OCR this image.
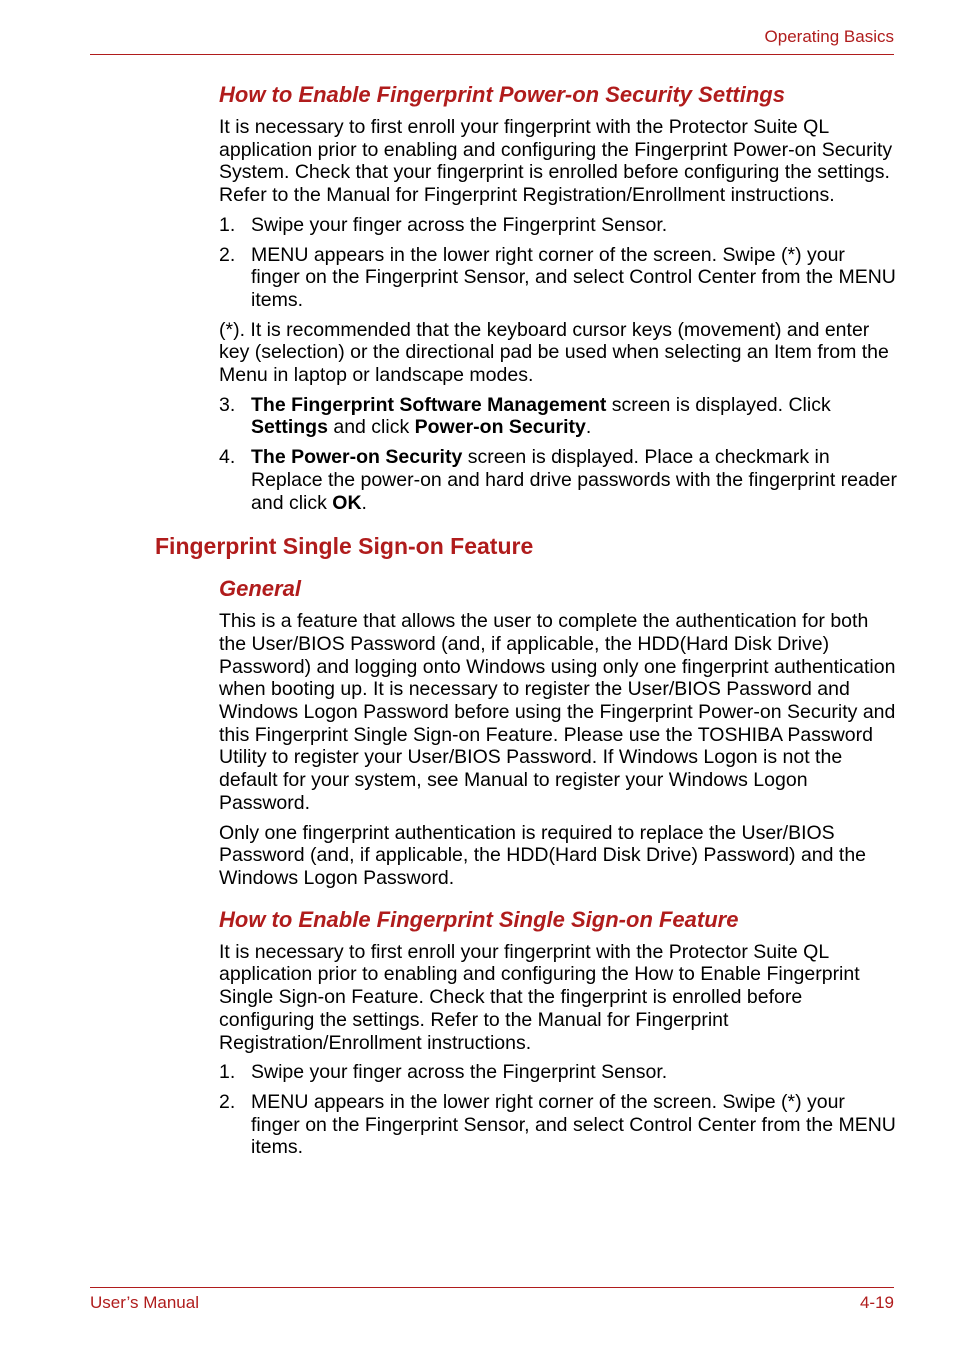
Operating Basics
How to Enable Fingerprint Power-on Security Settings

It is necessary to first enroll your fingerprint with the Protector Suite QL application prior to enabling and configuring the Fingerprint Power-on Security System. Check that your fingerprint is enrolled before configuring the settings. Refer to the Manual for Fingerprint Registration/Enrollment instructions.

1. Swipe your finger across the Fingerprint Sensor.
2. MENU appears in the lower right corner of the screen. Swipe (*) your finger on the Fingerprint Sensor, and select Control Center from the MENU items.

(*). It is recommended that the keyboard cursor keys (movement) and enter key (selection) or the directional pad be used when selecting an Item from the Menu in laptop or landscape modes.

3. The Fingerprint Software Management screen is displayed. Click Settings and click Power-on Security.
4. The Power-on Security screen is displayed. Place a checkmark in Replace the power-on and hard drive passwords with the fingerprint reader and click OK.
Fingerprint Single Sign-on Feature
General

This is a feature that allows the user to complete the authentication for both the User/BIOS Password (and, if applicable, the HDD(Hard Disk Drive) Password) and logging onto Windows using only one fingerprint authentication when booting up. It is necessary to register the User/BIOS Password and Windows Logon Password before using the Fingerprint Power-on Security and this Fingerprint Single Sign-on Feature. Please use the TOSHIBA Password Utility to register your User/BIOS Password. If Windows Logon is not the default for your system, see Manual to register your Windows Logon Password.

Only one fingerprint authentication is required to replace the User/BIOS Password (and, if applicable, the HDD(Hard Disk Drive) Password) and the Windows Logon Password.

How to Enable Fingerprint Single Sign-on Feature

It is necessary to first enroll your fingerprint with the Protector Suite QL application prior to enabling and configuring the How to Enable Fingerprint Single Sign-on Feature. Check that the fingerprint is enrolled before configuring the settings. Refer to the Manual for Fingerprint Registration/Enrollment instructions.

1. Swipe your finger across the Fingerprint Sensor.
2. MENU appears in the lower right corner of the screen. Swipe (*) your finger on the Fingerprint Sensor, and select Control Center from the MENU items.
User’s Manual	4-19
